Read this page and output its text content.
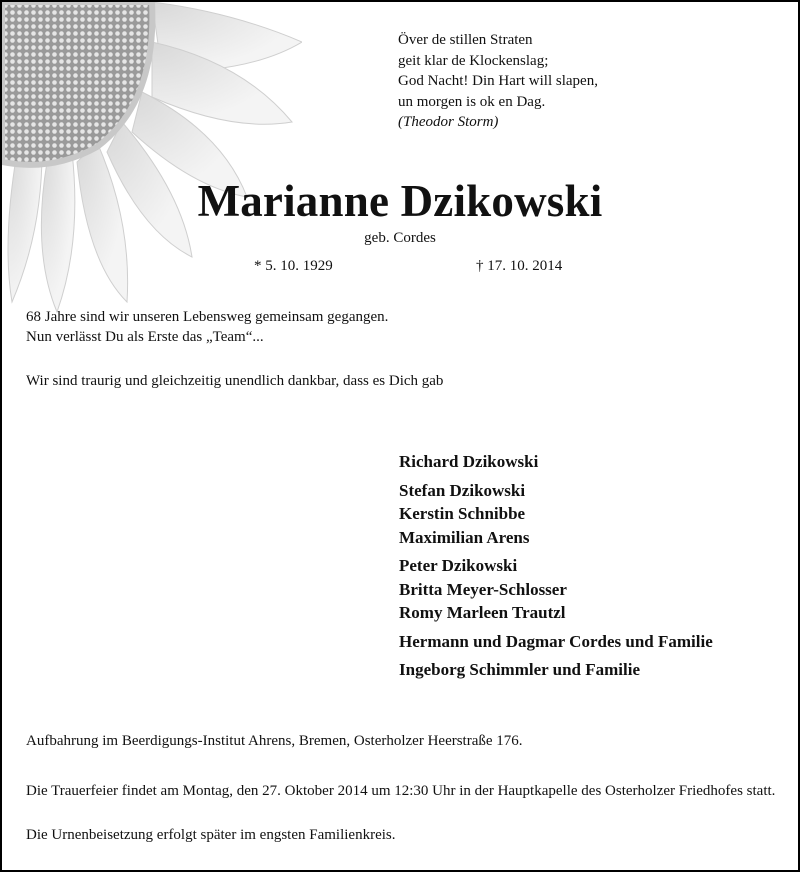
Över de stillen Straten
geit klar de Klockenslag;
God Nacht! Din Hart will slapen,
un morgen is ok en Dag.
(Theodor Storm)
Marianne Dzikowski
geb. Cordes
* 5. 10. 1929	† 17. 10. 2014
68 Jahre sind wir unseren Lebensweg gemeinsam gegangen.
Nun verlässt Du als Erste das „Team“...
Wir sind traurig und gleichzeitig unendlich dankbar, dass es Dich gab
Richard Dzikowski
Stefan Dzikowski
Kerstin Schnibbe
Maximilian Arens
Peter Dzikowski
Britta Meyer-Schlosser
Romy Marleen Trautzl
Hermann und Dagmar Cordes und Familie
Ingeborg Schimmler und Familie
Aufbahrung im Beerdigungs-Institut Ahrens, Bremen, Osterholzer Heerstraße 176.
Die Trauerfeier findet am Montag, den 27. Oktober 2014 um 12:30 Uhr in der Hauptkapelle des Osterholzer Friedhofes statt.
Die Urnenbeisetzung erfolgt später im engsten Familienkreis.
